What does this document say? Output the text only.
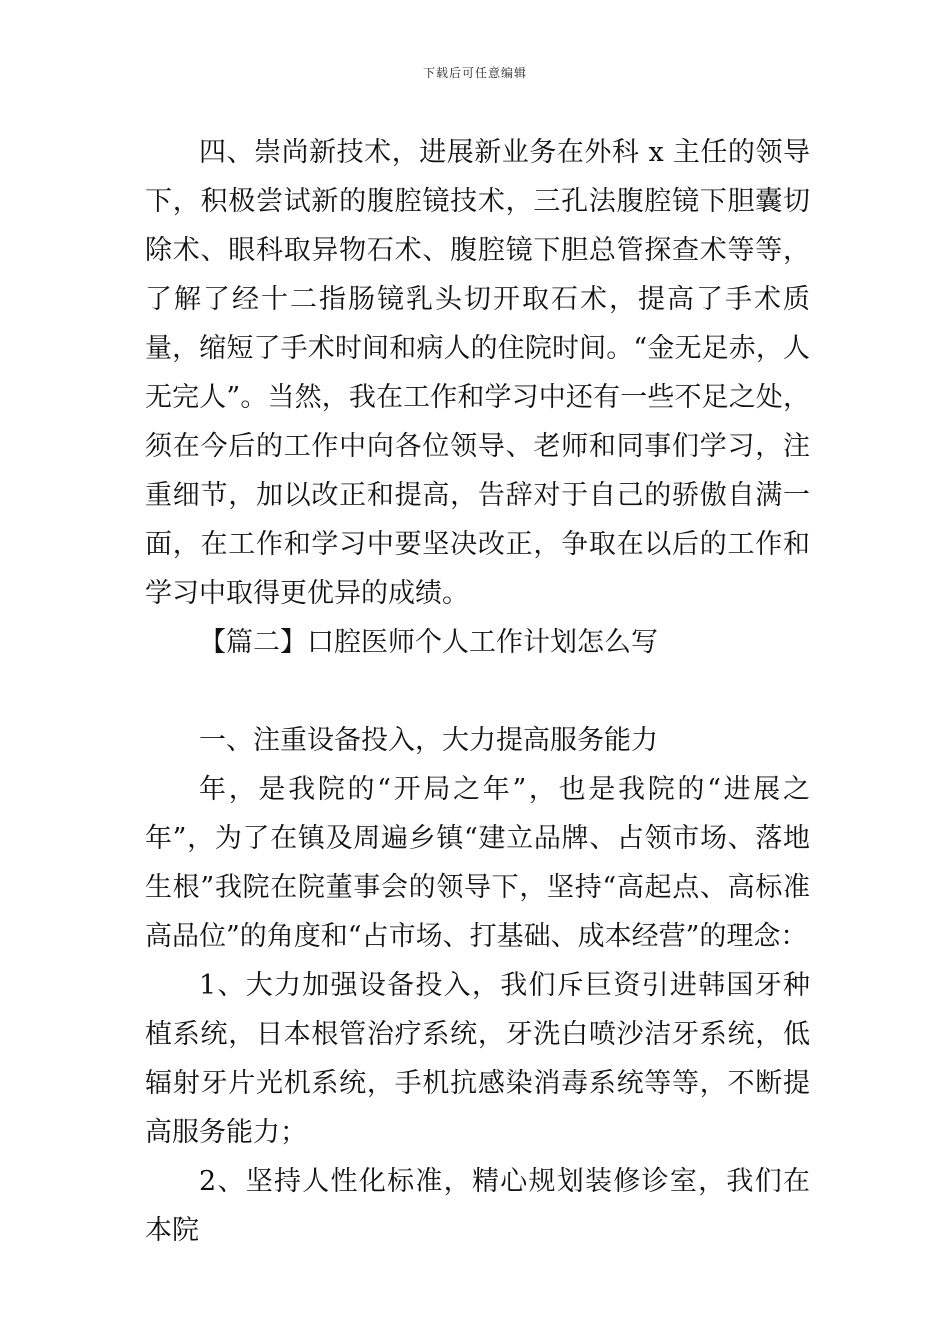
下载后可任意编辑

四、崇尚新技术，进展新业务在外科 x 主任的领导下，积极尝试新的腹腔镜技术，三孔法腹腔镜下胆囊切除术、眼科取异物石术、腹腔镜下胆总管探查术等等，了解了经十二指肠镜乳头切开取石术，提高了手术质量，缩短了手术时间和病人的住院时间。“金无足赤，人无完人”。当然，我在工作和学习中还有一些不足之处，须在今后的工作中向各位领导、老师和同事们学习，注重细节，加以改正和提高，告辞对于自己的骄傲自满一面，在工作和学习中要坚决改正，争取在以后的工作和学习中取得更优异的成绩。

【篇二】口腔医师个人工作计划怎么写

一、注重设备投入，大力提高服务能力

年，是我院的“开局之年”，也是我院的“进展之年”，为了在镇及周遍乡镇“建立品牌、占领市场、落地生根”我院在院董事会的领导下，坚持“高起点、高标准高品位”的角度和“占市场、打基础、成本经营”的理念：

1、大力加强设备投入，我们斥巨资引进韩国牙种植系统，日本根管治疗系统，牙洗白喷沙洁牙系统，低辐射牙片光机系统，手机抗感染消毒系统等等，不断提高服务能力；

2、坚持人性化标准，精心规划装修诊室，我们在本院
